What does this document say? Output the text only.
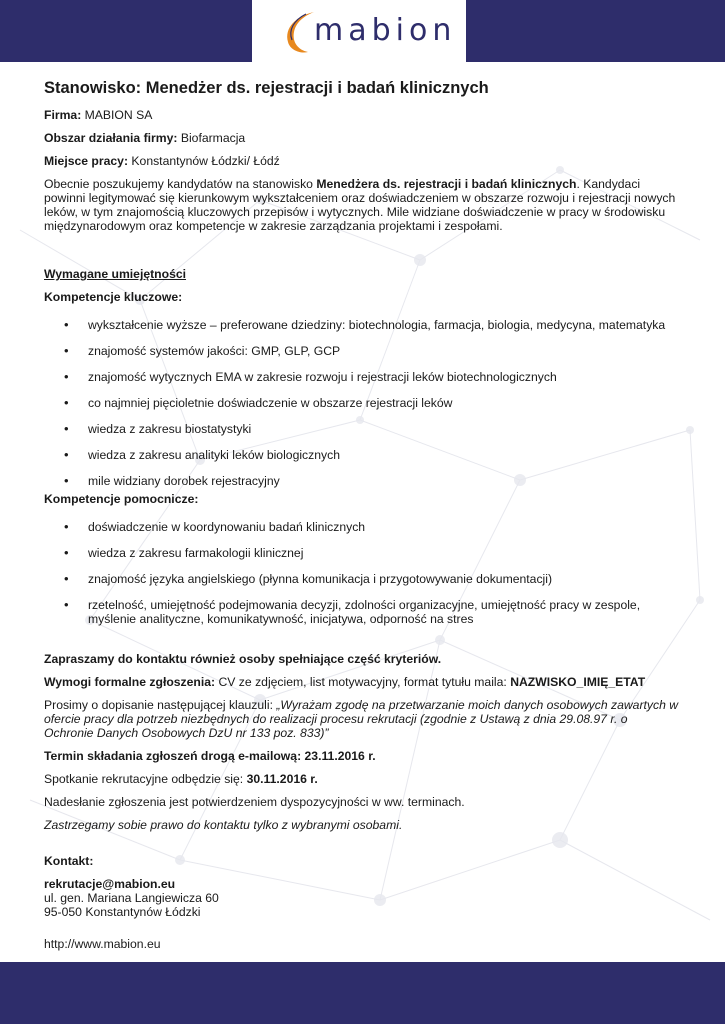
mabion
Stanowisko: Menedżer ds. rejestracji i badań klinicznych

Firma: MABION SA

Obszar działania firmy: Biofarmacja

Miejsce pracy: Konstantynów Łódzki/ Łódź

Obecnie poszukujemy kandydatów na stanowisko Menedżera ds. rejestracji i badań klinicznych. Kandydaci powinni legitymować się kierunkowym wykształceniem oraz doświadczeniem w obszarze rozwoju i rejestracji nowych leków, w tym znajomością kluczowych przepisów i wytycznych. Mile widziane doświadczenie w pracy w środowisku międzynarodowym oraz kompetencje w zakresie zarządzania projektami i zespołami.

Wymagane umiejętności

Kompetencje kluczowe:

• wykształcenie wyższe – preferowane dziedziny: biotechnologia, farmacja, biologia, medycyna, matematyka
• znajomość systemów jakości: GMP, GLP, GCP
• znajomość wytycznych EMA w zakresie rozwoju i rejestracji leków biotechnologicznych
• co najmniej pięcioletnie doświadczenie w obszarze rejestracji leków
• wiedza z zakresu biostatystyki
• wiedza z zakresu analityki leków biologicznych
• mile widziany dorobek rejestracyjny

Kompetencje pomocnicze:

• doświadczenie w koordynowaniu badań klinicznych
• wiedza z zakresu farmakologii klinicznej
• znajomość języka angielskiego (płynna komunikacja i przygotowywanie dokumentacji)
• rzetelność, umiejętność podejmowania decyzji, zdolności organizacyjne, umiejętność pracy w zespole, myślenie analityczne, komunikatywność, inicjatywa, odporność na stres

Zapraszamy do kontaktu również osoby spełniające część kryteriów.

Wymogi formalne zgłoszenia: CV ze zdjęciem, list motywacyjny, format tytułu maila: NAZWISKO_IMIĘ_ETAT

Prosimy o dopisanie następującej klauzuli: „Wyrażam zgodę na przetwarzanie moich danych osobowych zawartych w ofercie pracy dla potrzeb niezbędnych do realizacji procesu rekrutacji (zgodnie z Ustawą z dnia 29.08.97 r. o Ochronie Danych Osobowych DzU nr 133 poz. 833)”

Termin składania zgłoszeń drogą e-mailową: 23.11.2016 r.

Spotkanie rekrutacyjne odbędzie się: 30.11.2016 r.

Nadesłanie zgłoszenia jest potwierdzeniem dyspozycyjności w ww. terminach.

Zastrzegamy sobie prawo do kontaktu tylko z wybranymi osobami.

Kontakt:

rekrutacje@mabion.eu

ul. gen. Mariana Langiewicza 60

95-050 Konstantynów Łódzki

http://www.mabion.eu
